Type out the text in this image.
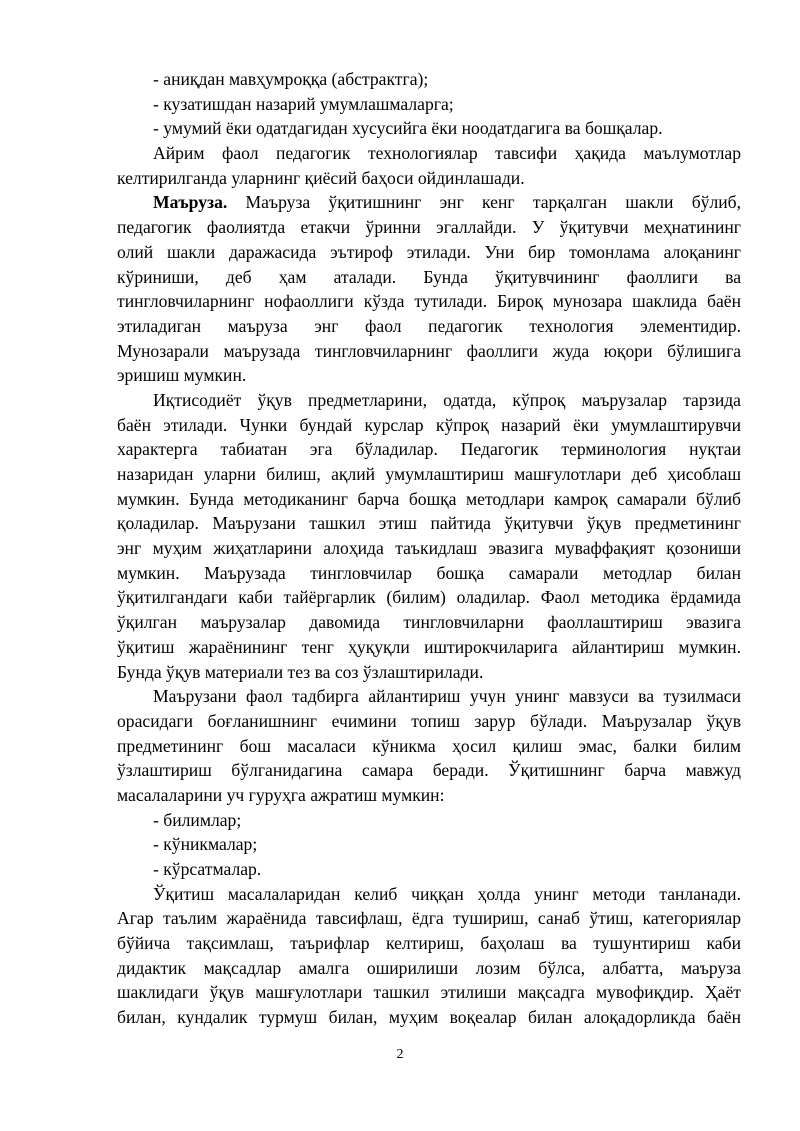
- аниқдан мавҳумроққа (абстрактга);
- кузатишдан назарий умумлашмаларга;
- умумий ёки одатдагидан хусусийга ёки ноодатдагига ва бошқалар.
Айрим фаол педагогик технологиялар тавсифи ҳақида маълумотлар
келтирилганда уларнинг қиёсий баҳоси ойдинлашади.
Маъруза. Маъруза ўқитишнинг энг кенг тарқалган шакли бўлиб,
педагогик фаолиятда етакчи ўринни эгаллайди. У ўқитувчи меҳнатининг
олий шакли даражасида эътироф этилади. Уни бир томонлама алоқанинг
кўриниши, деб ҳам аталади. Бунда ўқитувчининг фаоллиги ва
тингловчиларнинг нофаоллиги кўзда тутилади. Бироқ мунозара шаклида баён
этиладиган маъруза энг фаол педагогик технология элементидир.
Мунозарали маърузада тингловчиларнинг фаоллиги жуда юқори бўлишига
эришиш мумкин.
Иқтисодиёт ўқув предметларини, одатда, кўпроқ маърузалар тарзида
баён этилади. Чунки бундай курслар кўпроқ назарий ёки умумлаштирувчи
характерга табиатан эга бўладилар. Педагогик терминология нуқтаи
назаридан уларни билиш, ақлий умумлаштириш машғулотлари деб ҳисоблаш
мумкин. Бунда методиканинг барча бошқа методлари камроқ самарали бўлиб
қоладилар. Маърузани ташкил этиш пайтида ўқитувчи ўқув предметининг
энг муҳим жиҳатларини алоҳида таъкидлаш эвазига муваффақият қозониши
мумкин. Маърузада тингловчилар бошқа самарали методлар билан
ўқитилгандаги каби тайёргарлик (билим) оладилар. Фаол методика ёрдамида
ўқилган маърузалар давомида тингловчиларни фаоллаштириш эвазига
ўқитиш жараёнининг тенг ҳуқуқли иштирокчиларига айлантириш мумкин.
Бунда ўқув материали тез ва соз ўзлаштирилади.
Маърузани фаол тадбирга айлантириш учун унинг мавзуси ва тузилмаси
орасидаги боғланишнинг ечимини топиш зарур бўлади. Маърузалар ўқув
предметининг бош масаласи кўникма ҳосил қилиш эмас, балки билим
ўзлаштириш бўлганидагина самара беради. Ўқитишнинг барча мавжуд
масалаларини уч гуруҳга ажратиш мумкин:
- билимлар;
- кўникмалар;
- кўрсатмалар.
Ўқитиш масалаларидан келиб чиққан ҳолда унинг методи танланади.
Агар таълим жараёнида тавсифлаш, ёдга тушириш, санаб ўтиш, категориялар
бўйича тақсимлаш, таърифлар келтириш, баҳолаш ва тушунтириш каби
дидактик мақсадлар амалга оширилиши лозим бўлса, албатта, маъруза
шаклидаги ўқув машғулотлари ташкил этилиши мақсадга мувофиқдир. Ҳаёт
билан, кундалик турмуш билан, муҳим воқеалар билан алоқадорликда баён
2
